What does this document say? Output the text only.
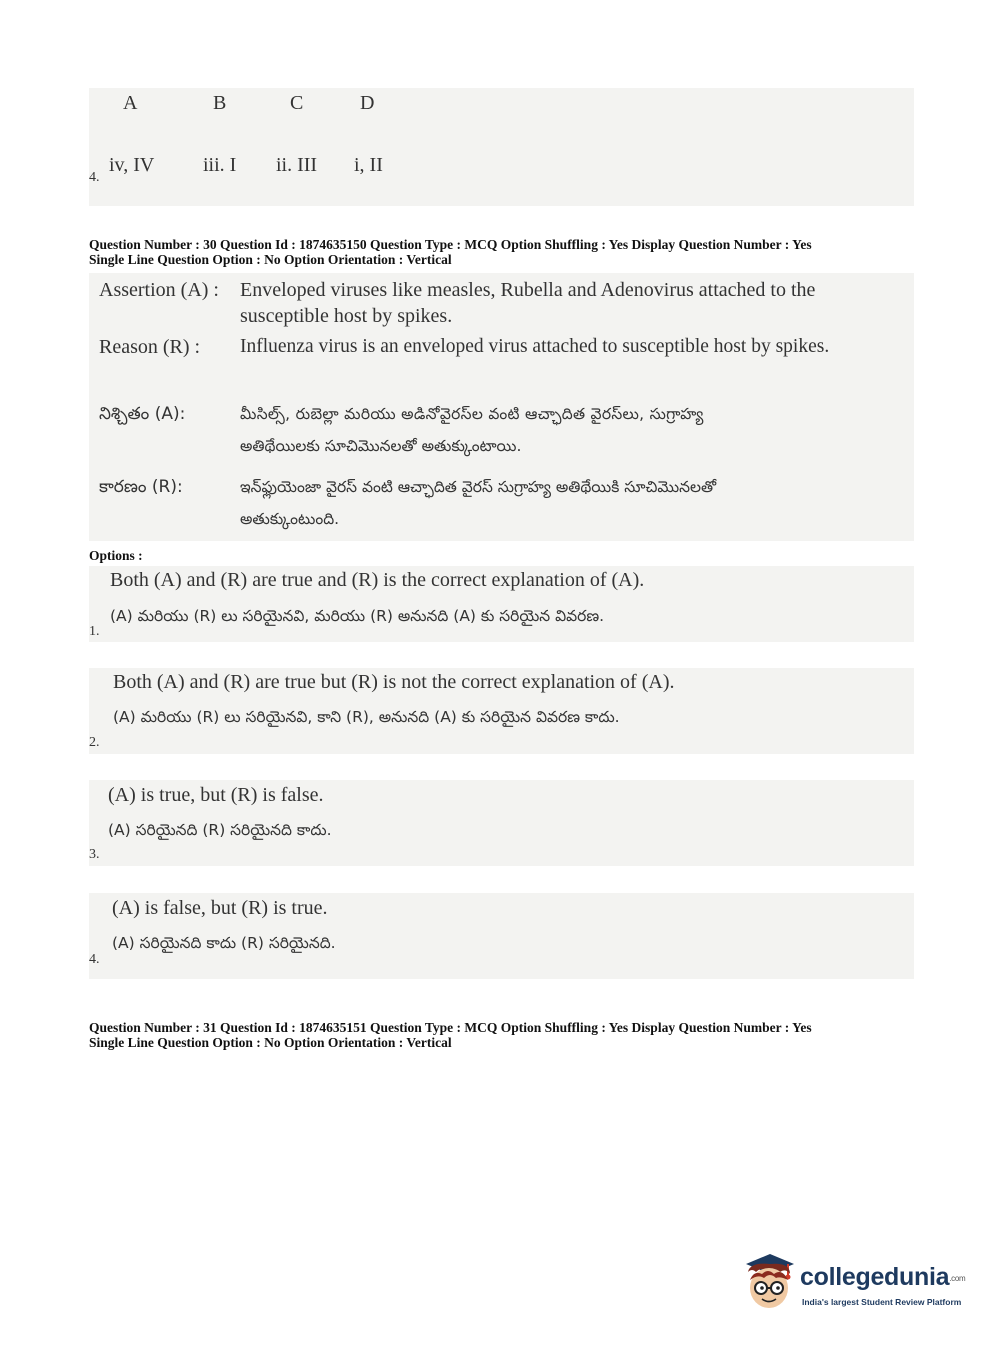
A	B	C	D
4.
iv, IV iii. I ii. III i, II
Question Number : 30 Question Id : 1874635150 Question Type : MCQ Option Shuffling : Yes Display Question Number : Yes
Single Line Question Option : No Option Orientation : Vertical
Assertion (A) : Enveloped viruses like measles, Rubella and Adenovirus attached to the
susceptible host by spikes.
Reason (R) : Influenza virus is an enveloped virus attached to susceptible host by spikes.
నిశ్చితం (A):	మీసిల్స్, రుబెల్లా మరియు అడినోవైరస్‌ల వంటి ఆచ్ఛాదిత వైరస్‌లు, సుగ్రాహ్య
అతిథేయిలకు సూచిమొనలతో అతుక్కుంటాయి.
కారణం (R):	ఇన్‌ఫ్లుయెంజా వైరస్ వంటి ఆచ్ఛాదిత వైరస్ సుగ్రాహ్య అతిథేయికి సూచిమొనలతో
అతుక్కుంటుంది.
Options :
Both (A) and (R) are true and (R) is the correct explanation of (A).
(A) మరియు (R) లు సరియైనవి, మరియు (R) అనునది (A) కు సరియైన వివరణ.
1.
Both (A) and (R) are true but (R) is not the correct explanation of (A).
(A) మరియు (R) లు సరియైనవి, కాని (R), అనునది (A) కు సరియైన వివరణ కాదు.
2.
(A) is true, but (R) is false.
(A) సరియైనది (R) సరియైనది కాదు.
3.
(A) is false, but (R) is true.
(A) సరియైనది కాదు (R) సరియైనది.
4.
Question Number : 31 Question Id : 1874635151 Question Type : MCQ Option Shuffling : Yes Display Question Number : Yes
Single Line Question Option : No Option Orientation : Vertical
collegedunia.com
India's largest Student Review Platform
